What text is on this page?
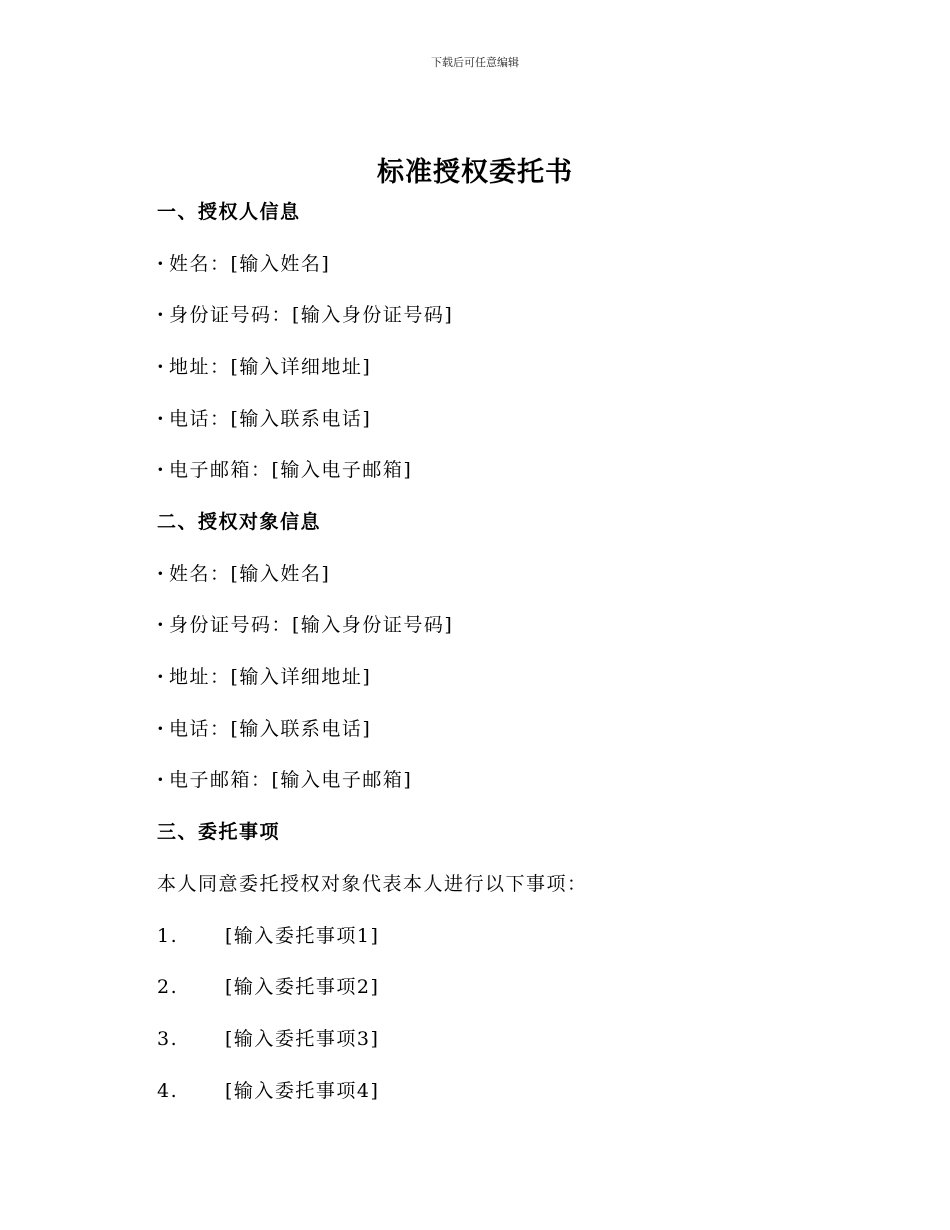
下载后可任意编辑
标准授权委托书
一、授权人信息
· 姓名：[输入姓名]
· 身份证号码：[输入身份证号码]
· 地址：[输入详细地址]
· 电话：[输入联系电话]
· 电子邮箱：[输入电子邮箱]
二、授权对象信息
· 姓名：[输入姓名]
· 身份证号码：[输入身份证号码]
· 地址：[输入详细地址]
· 电话：[输入联系电话]
· 电子邮箱：[输入电子邮箱]
三、委托事项
本人同意委托授权对象代表本人进行以下事项：
1. [输入委托事项1]
2. [输入委托事项2]
3. [输入委托事项3]
4. [输入委托事项4]
